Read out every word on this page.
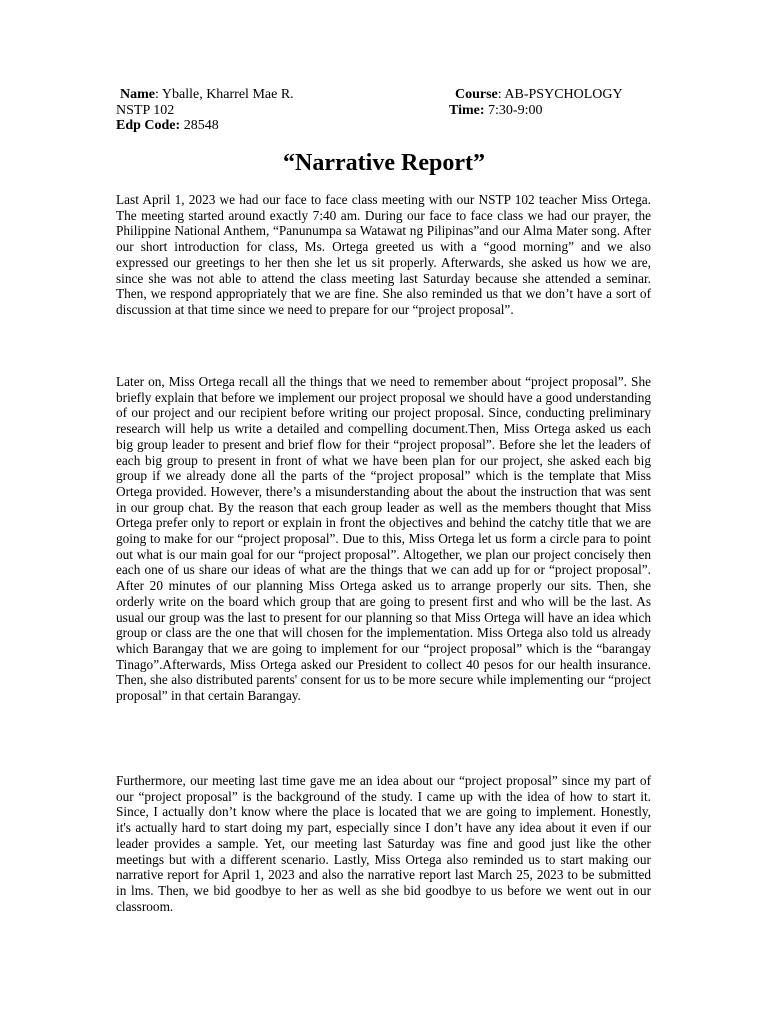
Name: Yballe, Kharrel Mae R.	Course: AB-PSYCHOLOGY
NSTP 102	Time: 7:30-9:00
Edp Code: 28548
“Narrative Report”

Last April 1, 2023 we had our face to face class meeting with our NSTP 102 teacher Miss Ortega. The meeting started around exactly 7:40 am. During our face to face class we had our prayer, the Philippine National Anthem, “Panunumpa sa Watawat ng Pilipinas”and our Alma Mater song. After our short introduction for class, Ms. Ortega greeted us with a “good morning” and we also expressed our greetings to her then she let us sit properly. Afterwards, she asked us how we are, since she was not able to attend the class meeting last Saturday because she attended a seminar. Then, we respond appropriately that we are fine. She also reminded us that we don’t have a sort of discussion at that time since we need to prepare for our “project proposal”.

Later on, Miss Ortega recall all the things that we need to remember about “project proposal”. She briefly explain that before we implement our project proposal we should have a good understanding of our project and our recipient before writing our project proposal. Since, conducting preliminary research will help us write a detailed and compelling document.Then, Miss Ortega asked us each big group leader to present and brief flow for their “project proposal”. Before she let the leaders of each big group to present in front of what we have been plan for our project, she asked each big group if we already done all the parts of the “project proposal” which is the template that Miss Ortega provided. However, there’s a misunderstanding about the about the instruction that was sent in our group chat. By the reason that each group leader as well as the members thought that Miss Ortega prefer only to report or explain in front the objectives and behind the catchy title that we are going to make for our “project proposal”. Due to this, Miss Ortega let us form a circle para to point out what is our main goal for our “project proposal”. Altogether, we plan our project concisely then each one of us share our ideas of what are the things that we can add up for or “project proposal”. After 20 minutes of our planning Miss Ortega asked us to arrange properly our sits. Then, she orderly write on the board which group that are going to present first and who will be the last. As usual our group was the last to present for our planning so that Miss Ortega will have an idea which group or class are the one that will chosen for the implementation. Miss Ortega also told us already which Barangay that we are going to implement for our “project proposal” which is the “barangay Tinago”.Afterwards, Miss Ortega asked our President to collect 40 pesos for our health insurance. Then, she also distributed parents' consent for us to be more secure while implementing our “project proposal” in that certain Barangay.

Furthermore, our meeting last time gave me an idea about our “project proposal” since my part of our “project proposal” is the background of the study. I came up with the idea of how to start it. Since, I actually don’t know where the place is located that we are going to implement. Honestly, it's actually hard to start doing my part, especially since I don’t have any idea about it even if our leader provides a sample. Yet, our meeting last Saturday was fine and good just like the other meetings but with a different scenario. Lastly, Miss Ortega also reminded us to start making our narrative report for April 1, 2023 and also the narrative report last March 25, 2023 to be submitted in lms. Then, we bid goodbye to her as well as she bid goodbye to us before we went out in our classroom.
